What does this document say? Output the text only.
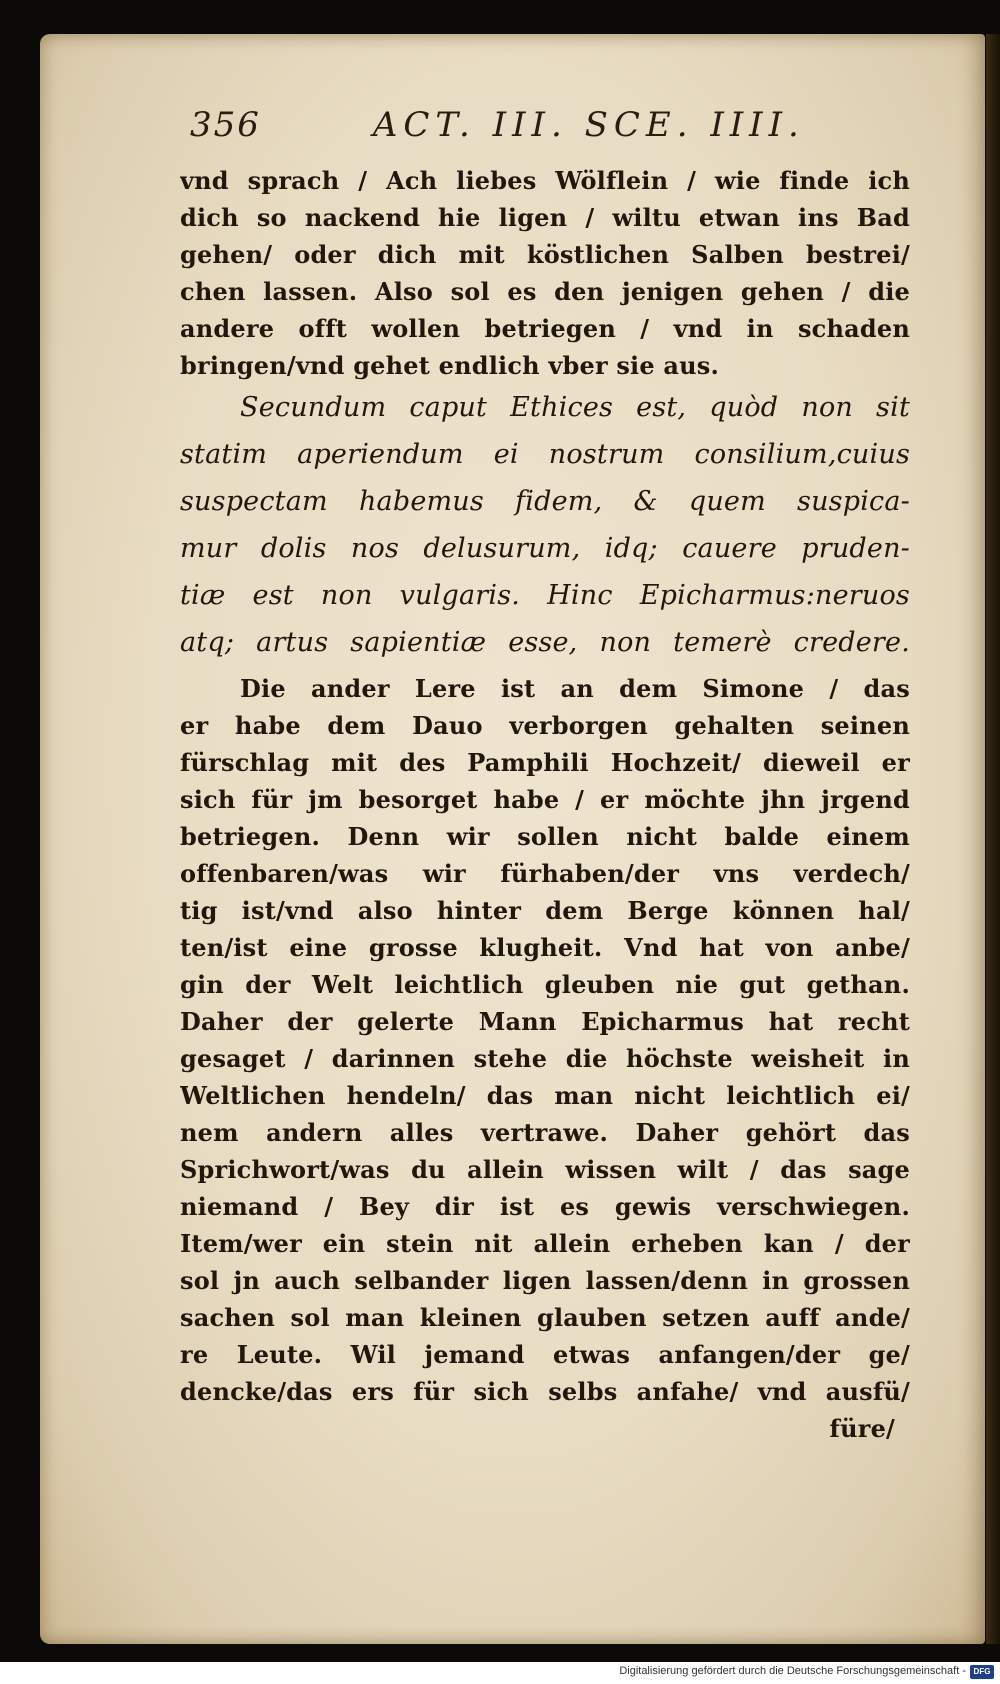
356	ACT. III. SCE. IIII.
vnd sprach / Ach liebes Wölflein / wie finde ich
dich so nackend hie ligen / wiltu etwan ins Bad
gehen/ oder dich mit köstlichen Salben bestrei/
chen lassen. Also sol es den jenigen gehen / die
andere offt wollen betriegen / vnd in schaden
bringen/vnd gehet endlich vber sie aus.
Secundum caput Ethices est, quòd non sit
statim aperiendum ei nostrum consilium,cuius
suspectam habemus fidem, & quem suspica-
mur dolis nos delusurum, idq; cauere pruden-
tiæ est non vulgaris. Hinc Epicharmus:neruos
atq; artus sapientiæ esse, non temerè credere.
Die ander Lere ist an dem Simone / das
er habe dem Dauo verborgen gehalten seinen
fürschlag mit des Pamphili Hochzeit/ dieweil er
sich für jm besorget habe / er möchte jhn jrgend
betriegen. Denn wir sollen nicht balde einem
offenbaren/was wir fürhaben/der vns verdech/
tig ist/vnd also hinter dem Berge können hal/
ten/ist eine grosse klugheit. Vnd hat von anbe/
gin der Welt leichtlich gleuben nie gut gethan.
Daher der gelerte Mann Epicharmus hat recht
gesaget / darinnen stehe die höchste weisheit in
Weltlichen hendeln/ das man nicht leichtlich ei/
nem andern alles vertrawe. Daher gehört das
Sprichwort/was du allein wissen wilt / das sage
niemand / Bey dir ist es gewis verschwiegen.
Item/wer ein stein nit allein erheben kan / der
sol jn auch selbander ligen lassen/denn in grossen
sachen sol man kleinen glauben setzen auff ande/
re Leute. Wil jemand etwas anfangen/der ge/
dencke/das ers für sich selbs anfahe/ vnd ausfü/
füre/
Digitalisierung gefördert durch die Deutsche Forschungsgemeinschaft - DFG
